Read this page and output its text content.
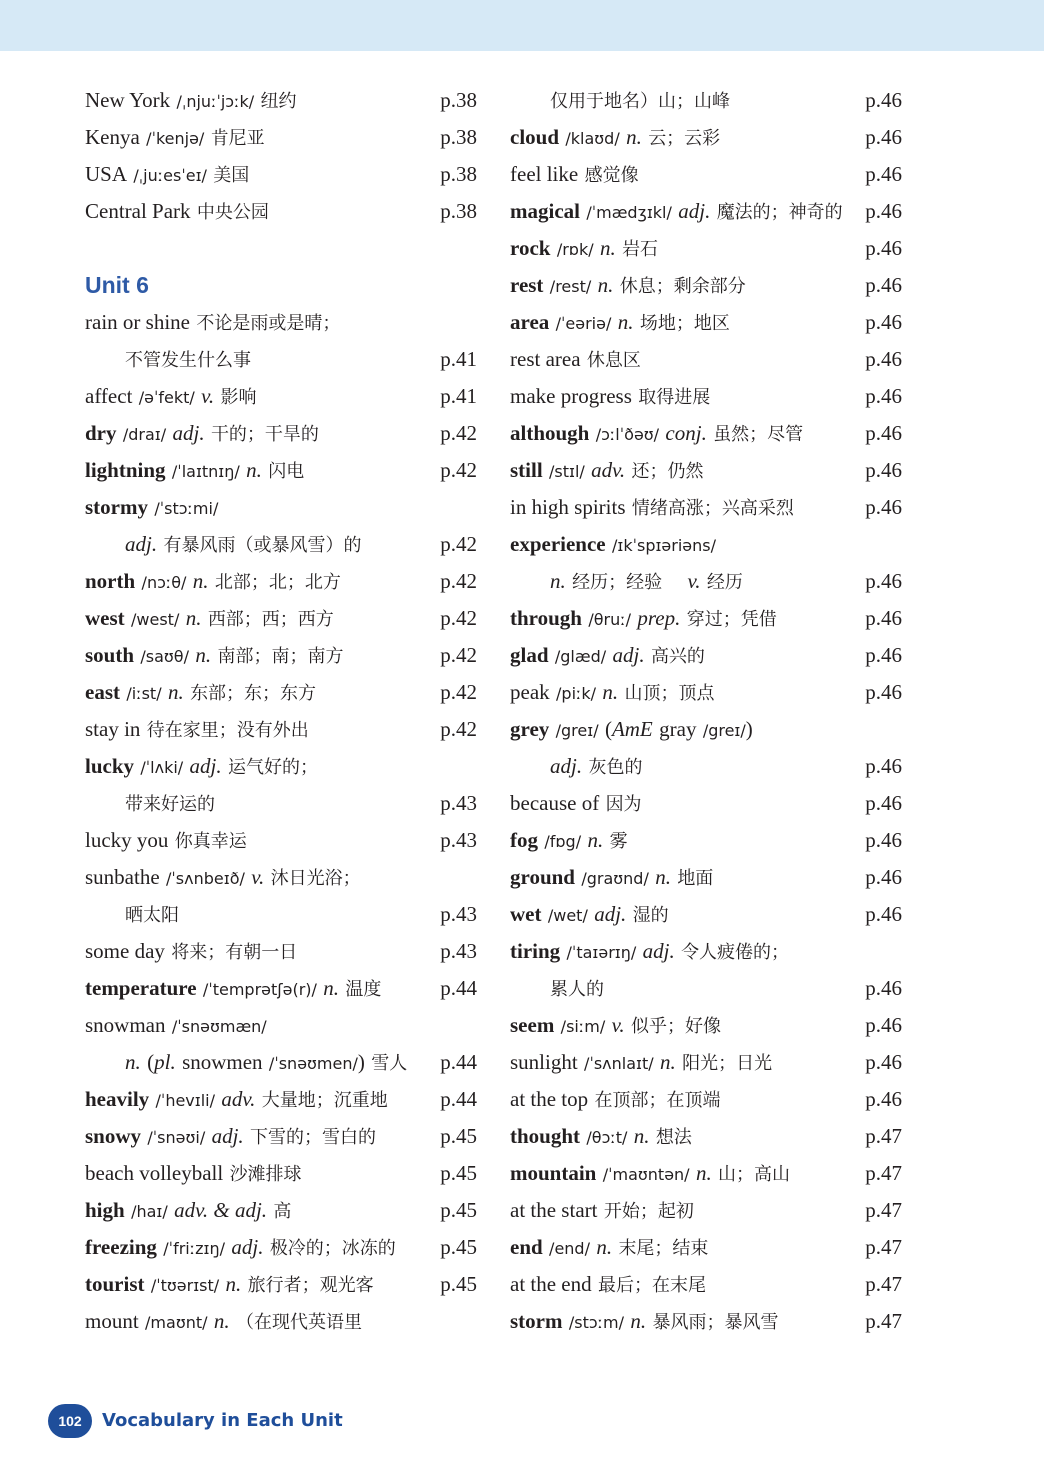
New York /ˌnjuːˈjɔːk/ 纽约	p.38
Kenya /ˈkenjə/ 肯尼亚	p.38
USA /ˌjuːesˈeɪ/ 美国	p.38
Central Park 中央公园	p.38
Unit 6
rain or shine 不论是雨或是晴；
不管发生什么事	p.41
affect /əˈfekt/ v. 影响	p.41
dry /draɪ/ adj. 干的；干旱的	p.42
lightning /ˈlaɪtnɪŋ/ n. 闪电	p.42
stormy /ˈstɔːmi/
adj. 有暴风雨（或暴风雪）的	p.42
north /nɔːθ/ n. 北部；北；北方	p.42
west /west/ n. 西部；西；西方	p.42
south /saʊθ/ n. 南部；南；南方	p.42
east /iːst/ n. 东部；东；东方	p.42
stay in 待在家里；没有外出	p.42
lucky /ˈlʌki/ adj. 运气好的；
带来好运的	p.43
lucky you 你真幸运	p.43
sunbathe /ˈsʌnbeɪð/ v. 沐日光浴；
晒太阳	p.43
some day 将来；有朝一日	p.43
temperature /ˈtemprətʃə(r)/ n. 温度	p.44
snowman /ˈsnəʊmæn/
n. (pl. snowmen /ˈsnəʊmen/) 雪人 p.44
heavily /ˈhevɪli/ adv. 大量地；沉重地	p.44
snowy /ˈsnəʊi/ adj. 下雪的；雪白的	p.45
beach volleyball 沙滩排球	p.45
high /haɪ/ adv. & adj. 高	p.45
freezing /ˈfriːzɪŋ/ adj. 极冷的；冰冻的 p.45
tourist /ˈtʊərɪst/ n. 旅行者；观光客	p.45
mount /maʊnt/ n. （在现代英语里
仅用于地名）山；山峰	p.46
cloud /klaʊd/ n. 云；云彩	p.46
feel like 感觉像	p.46
magical /ˈmædʒɪkl/ adj. 魔法的；神奇的 p.46
rock /rɒk/ n. 岩石	p.46
rest /rest/ n. 休息；剩余部分	p.46
area /ˈeəriə/ n. 场地；地区	p.46
rest area 休息区	p.46
make progress 取得进展	p.46
although /ɔːlˈðəʊ/ conj. 虽然；尽管	p.46
still /stɪl/ adv. 还；仍然	p.46
in high spirits 情绪高涨；兴高采烈	p.46
experience /ɪkˈspɪəriəns/
n. 经历；经验 v. 经历	p.46
through /θruː/ prep. 穿过；凭借	p.46
glad /glæd/ adj. 高兴的	p.46
peak /piːk/ n. 山顶；顶点	p.46
grey /greɪ/ (AmE gray /greɪ/)
adj. 灰色的	p.46
because of 因为	p.46
fog /fɒg/ n. 雾	p.46
ground /graʊnd/ n. 地面	p.46
wet /wet/ adj. 湿的	p.46
tiring /ˈtaɪərɪŋ/ adj. 令人疲倦的；
累人的	p.46
seem /siːm/ v. 似乎；好像	p.46
sunlight /ˈsʌnlaɪt/ n. 阳光；日光	p.46
at the top 在顶部；在顶端	p.46
thought /θɔːt/ n. 想法	p.47
mountain /ˈmaʊntən/ n. 山；高山	p.47
at the start 开始；起初	p.47
end /end/ n. 末尾；结束	p.47
at the end 最后；在末尾	p.47
storm /stɔːm/ n. 暴风雨；暴风雪	p.47
102	Vocabulary in Each Unit
